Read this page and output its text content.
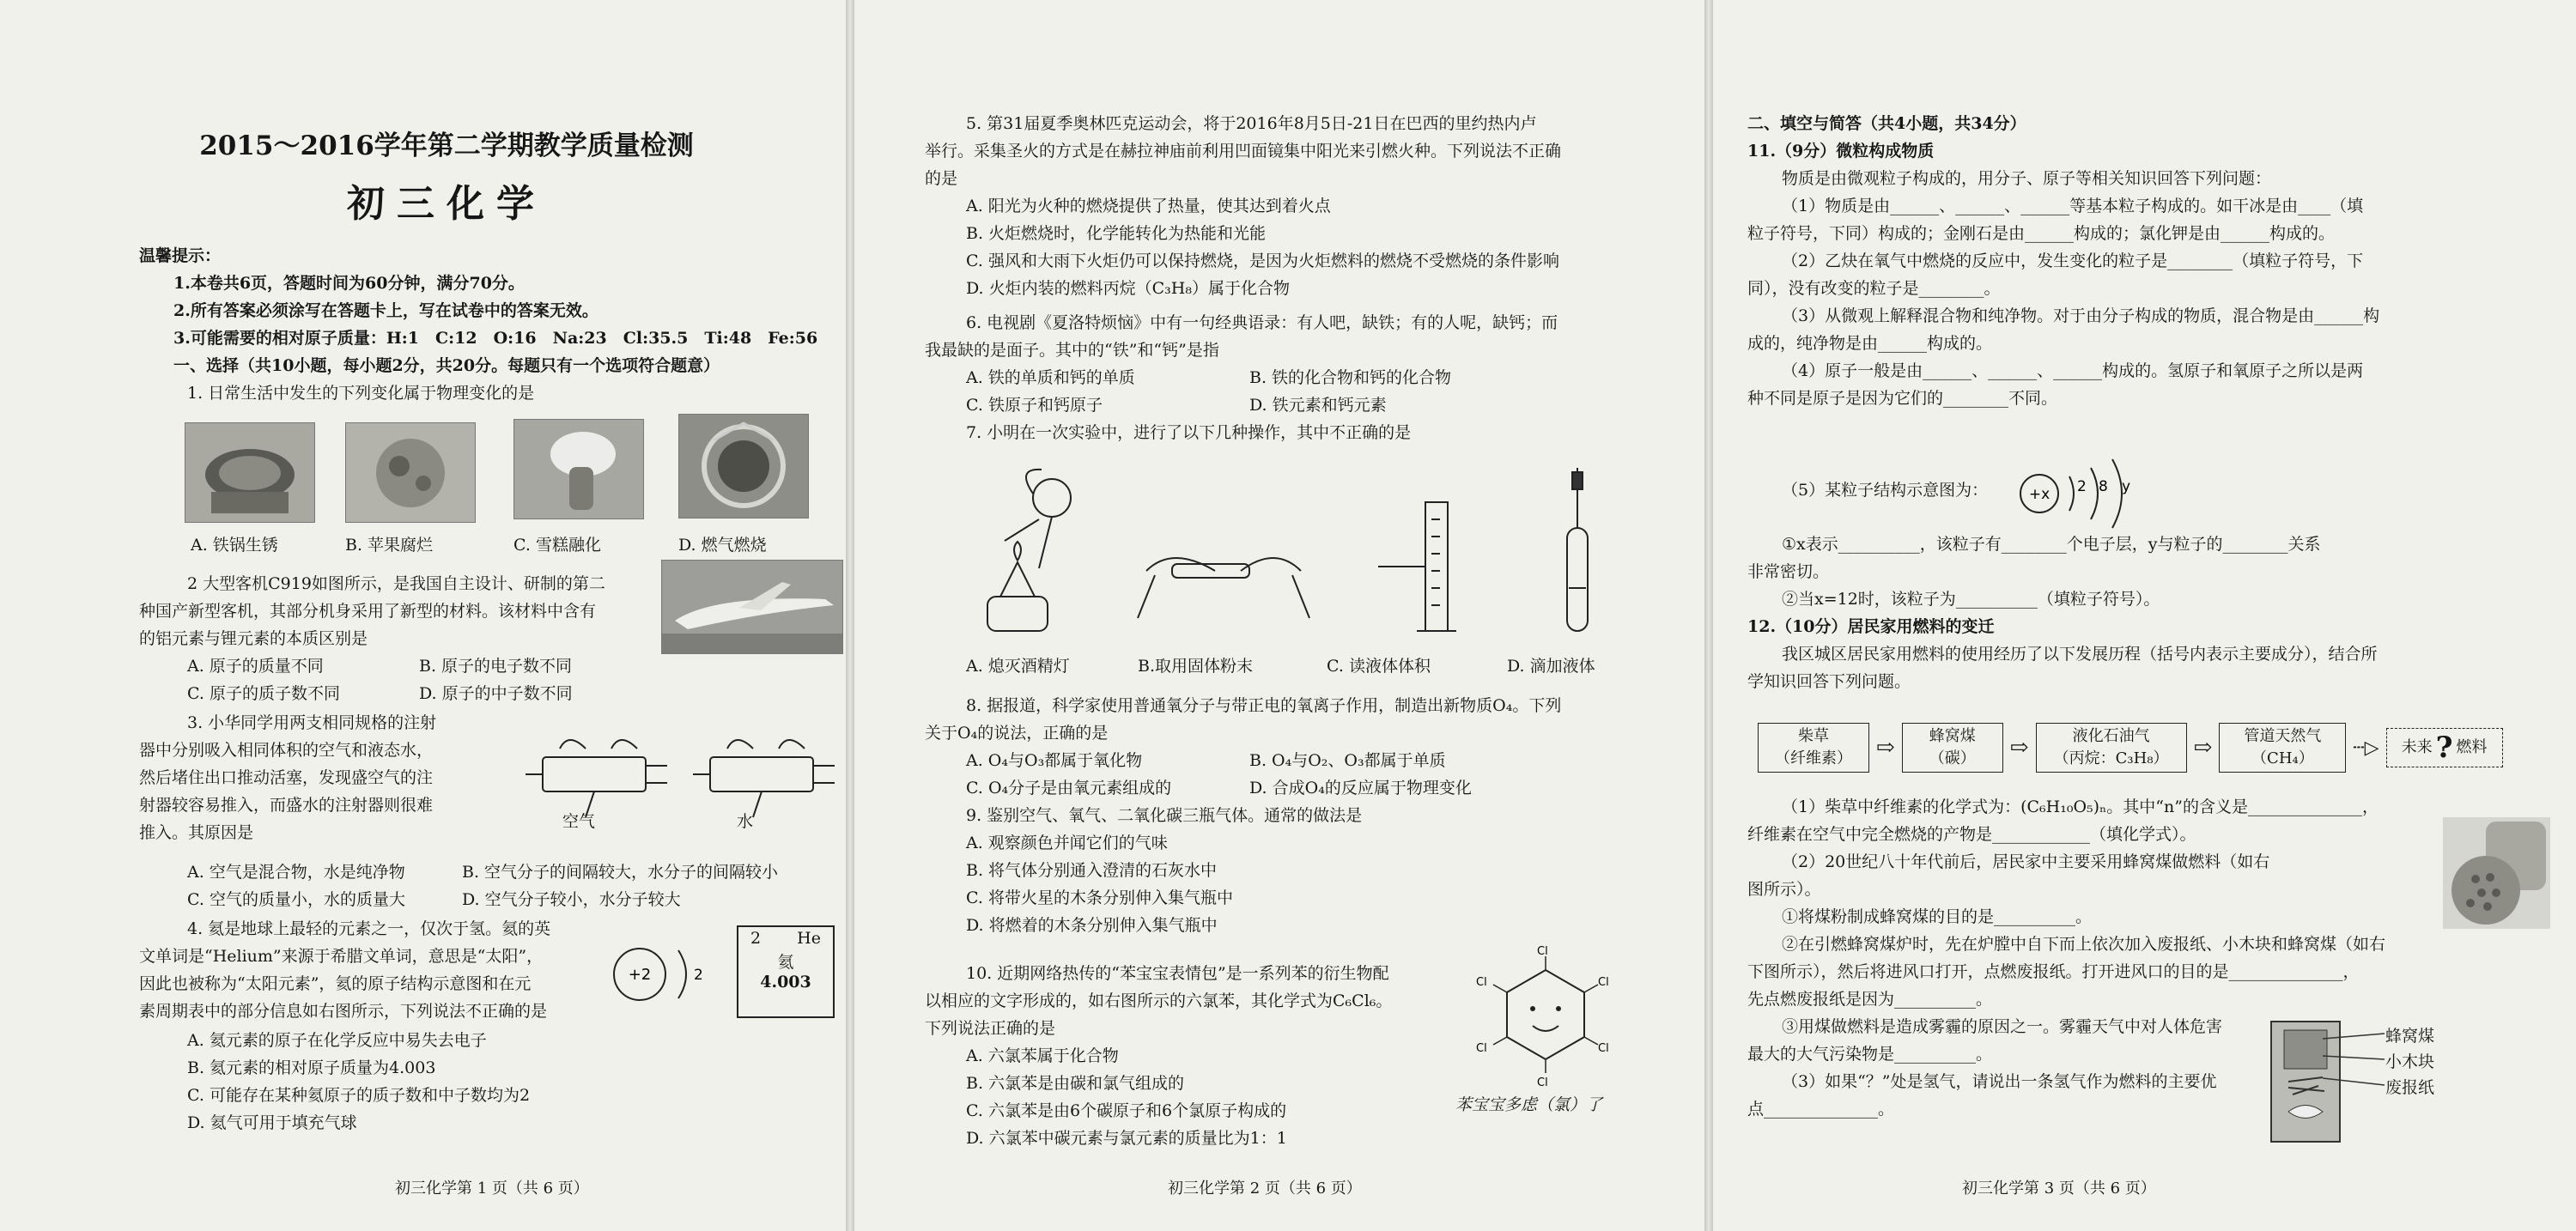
2015～2016学年第二学期教学质量检测
初三化学
温馨提示：
1.本卷共6页，答题时间为60分钟，满分70分。
2.所有答案必须涂写在答题卡上，写在试卷中的答案无效。
3.可能需要的相对原子质量：H:1　C:12　O:16　Na:23　Cl:35.5　Ti:48　Fe:56
一、选择（共10小题，每小题2分，共20分。每题只有一个选项符合题意）
1. 日常生活中发生的下列变化属于物理变化的是
A. 铁锅生锈	B. 苹果腐烂	C. 雪糕融化	D. 燃气燃烧
2 大型客机C919如图所示，是我国自主设计、研制的第二
种国产新型客机，其部分机身采用了新型的材料。该材料中含有
的铝元素与锂元素的本质区别是
A. 原子的质量不同	B. 原子的电子数不同
C. 原子的质子数不同	D. 原子的中子数不同
3. 小华同学用两支相同规格的注射
器中分别吸入相同体积的空气和液态水，
然后堵住出口推动活塞，发现盛空气的注
射器较容易推入，而盛水的注射器则很难
推入。其原因是
空气	水
A. 空气是混合物，水是纯净物	B. 空气分子的间隔较大，水分子的间隔较小
C. 空气的质量小，水的质量大	D. 空气分子较小，水分子较大
4. 氦是地球上最轻的元素之一，仅次于氢。氦的英
文单词是“Helium”来源于希腊文单词，意思是“太阳”，
因此也被称为“太阳元素”，氦的原子结构示意图和在元
素周期表中的部分信息如右图所示，下列说法不正确的是
+2	2
2 He
氦
4.003
A. 氦元素的原子在化学反应中易失去电子
B. 氦元素的相对原子质量为4.003
C. 可能存在某种氦原子的质子数和中子数均为2
D. 氦气可用于填充气球
初三化学第 1 页（共 6 页）
5. 第31届夏季奥林匹克运动会，将于2016年8月5日-21日在巴西的里约热内卢
举行。采集圣火的方式是在赫拉神庙前利用凹面镜集中阳光来引燃火种。下列说法不正确
的是
A. 阳光为火种的燃烧提供了热量，使其达到着火点
B. 火炬燃烧时，化学能转化为热能和光能
C. 强风和大雨下火炬仍可以保持燃烧，是因为火炬燃料的燃烧不受燃烧的条件影响
D. 火炬内装的燃料丙烷（C₃H₈）属于化合物
6. 电视剧《夏洛特烦恼》中有一句经典语录：有人吧，缺铁；有的人呢，缺钙；而
我最缺的是面子。其中的“铁”和“钙”是指
A. 铁的单质和钙的单质	B. 铁的化合物和钙的化合物
C. 铁原子和钙原子	D. 铁元素和钙元素
7. 小明在一次实验中，进行了以下几种操作，其中不正确的是
A. 熄灭酒精灯	B.取用固体粉末	C. 读液体体积	D. 滴加液体
8. 据报道，科学家使用普通氧分子与带正电的氧离子作用，制造出新物质O₄。下列
关于O₄的说法，正确的是
A. O₄与O₃都属于氧化物	B. O₄与O₂、O₃都属于单质
C. O₄分子是由氧元素组成的	D. 合成O₄的反应属于物理变化
9. 鉴别空气、氧气、二氧化碳三瓶气体。通常的做法是
A. 观察颜色并闻它们的气味
B. 将气体分别通入澄清的石灰水中
C. 将带火星的木条分别伸入集气瓶中
D. 将燃着的木条分别伸入集气瓶中
10. 近期网络热传的“苯宝宝表情包”是一系列苯的衍生物配
以相应的文字形成的，如右图所示的六氯苯，其化学式为C₆Cl₆。
下列说法正确的是
A. 六氯苯属于化合物
B. 六氯苯是由碳和氯气组成的
C. 六氯苯是由6个碳原子和6个氯原子构成的
D. 六氯苯中碳元素与氯元素的质量比为1：1
Cl
Cl
Cl
Cl
Cl
Cl
苯宝宝多虑（氯）了
初三化学第 2 页（共 6 页）
二、填空与简答（共4小题，共34分）
11.（9分）微粒构成物质
物质是由微观粒子构成的，用分子、原子等相关知识回答下列问题：
（1）物质是由______、______、______等基本粒子构成的。如干冰是由____（填
粒子符号，下同）构成的；金刚石是由______构成的；氯化钾是由______构成的。
（2）乙炔在氧气中燃烧的反应中，发生变化的粒子是________（填粒子符号，下
同），没有改变的粒子是________。
（3）从微观上解释混合物和纯净物。对于由分子构成的物质，混合物是由______构
成的，纯净物是由______构成的。
（4）原子一般是由______、______、______构成的。氢原子和氧原子之所以是两
种不同是原子是因为它们的________不同。
（5）某粒子结构示意图为：	+x 2 8 y
①x表示__________，该粒子有________个电子层，y与粒子的________关系
非常密切。
②当x=12时，该粒子为__________（填粒子符号）。
12.（10分）居民家用燃料的变迁
我区城区居民家用燃料的使用经历了以下发展历程（括号内表示主要成分），结合所
学知识回答下列问题。
柴草
（纤维素）	⇨	蜂窝煤
（碳）	⇨	液化石油气
（丙烷：C₃H₈）	⇨	管道天然气
（CH₄）	┄▷	未来 ? 燃料
（1）柴草中纤维素的化学式为：(C₆H₁₀O₅)ₙ。其中“n”的含义是______________，
纤维素在空气中完全燃烧的产物是____________（填化学式）。
（2）20世纪八十年代前后，居民家中主要采用蜂窝煤做燃料（如右
图所示）。
①将煤粉制成蜂窝煤的目的是__________。
②在引燃蜂窝煤炉时，先在炉膛中自下而上依次加入废报纸、小木块和蜂窝煤（如右
下图所示），然后将进风口打开，点燃废报纸。打开进风口的目的是______________，
先点燃废报纸是因为__________。
③用煤做燃料是造成雾霾的原因之一。雾霾天气中对人体危害
最大的大气污染物是__________。
（3）如果“？”处是氢气，请说出一条氢气作为燃料的主要优
点______________。
蜂窝煤
小木块
废报纸
初三化学第 3 页（共 6 页）
